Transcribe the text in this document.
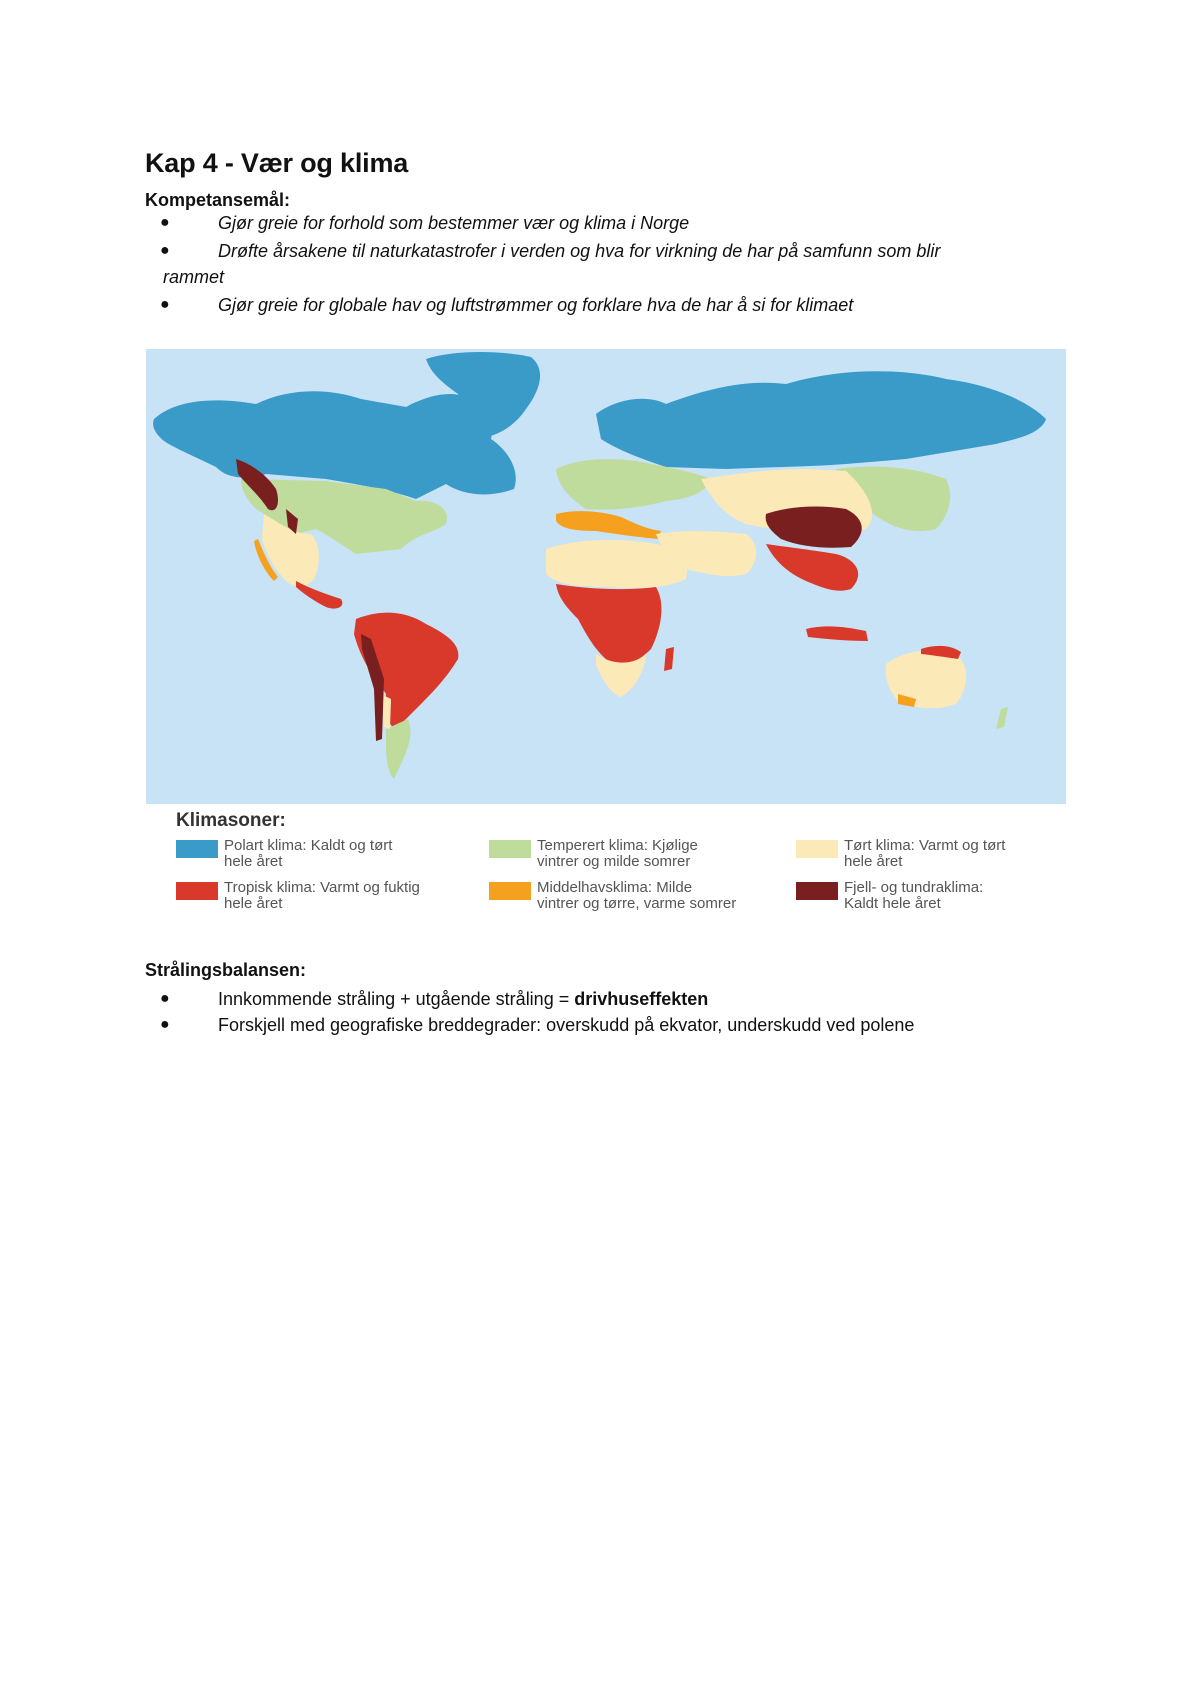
Kap 4 - Vær og klima

Kompetansemål:

●	Gjør greie for forhold som bestemmer vær og klima i Norge
●	Drøfte årsakene til naturkatastrofer i verden og hva for virkning de har på samfunn som blir
rammet
●	Gjør greie for globale hav og luftstrømmer og forklare hva de har å si for klimaet
Klimasoner:
Polart klima: Kaldt og tørt
hele året
Temperert klima: Kjølige
vintrer og milde somrer
Tørt klima: Varmt og tørt
hele året
Tropisk klima: Varmt og fuktig
hele året
Middelhavsklima: Milde
vintrer og tørre, varme somrer
Fjell- og tundraklima:
Kaldt hele året

Strålingsbalansen:

●	Innkommende stråling + utgående stråling = drivhuseffekten
●	Forskjell med geografiske breddegrader: overskudd på ekvator, underskudd ved polene
